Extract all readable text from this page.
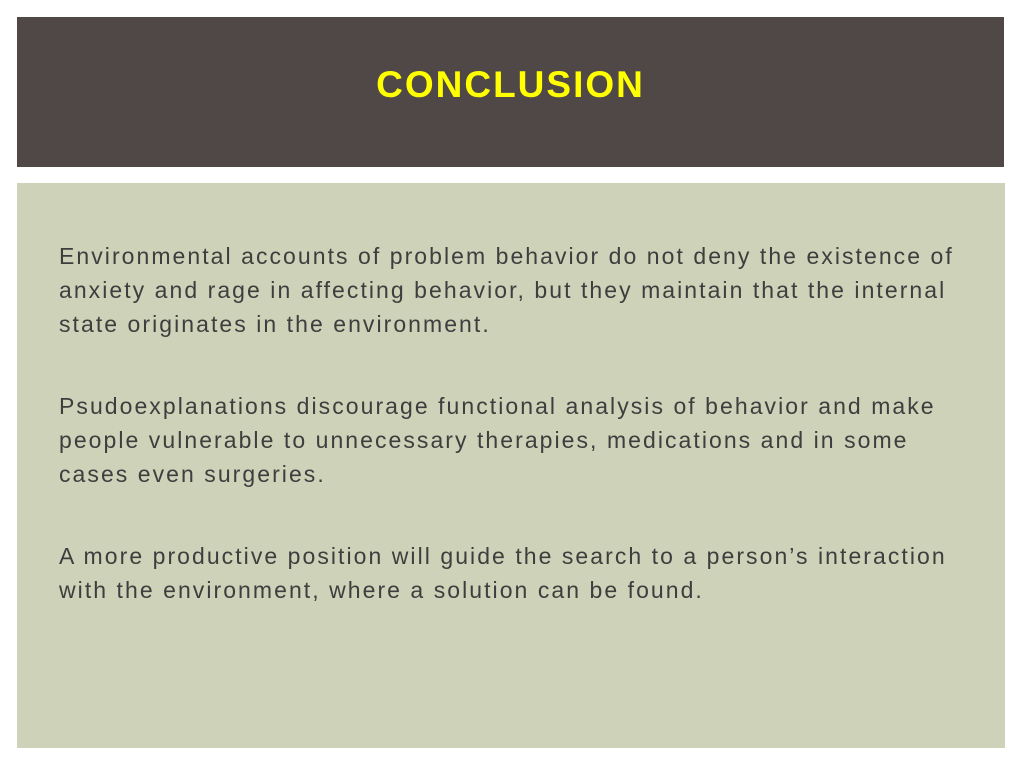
CONCLUSION

Environmental accounts of problem behavior do not deny the existence of anxiety and rage in affecting behavior, but they maintain that the internal state originates in the environment.

Psudoexplanations discourage functional analysis of behavior and make people vulnerable to unnecessary therapies, medications and in some cases even surgeries.

A more productive position will guide the search to a person’s interaction with the environment, where a solution can be found.
